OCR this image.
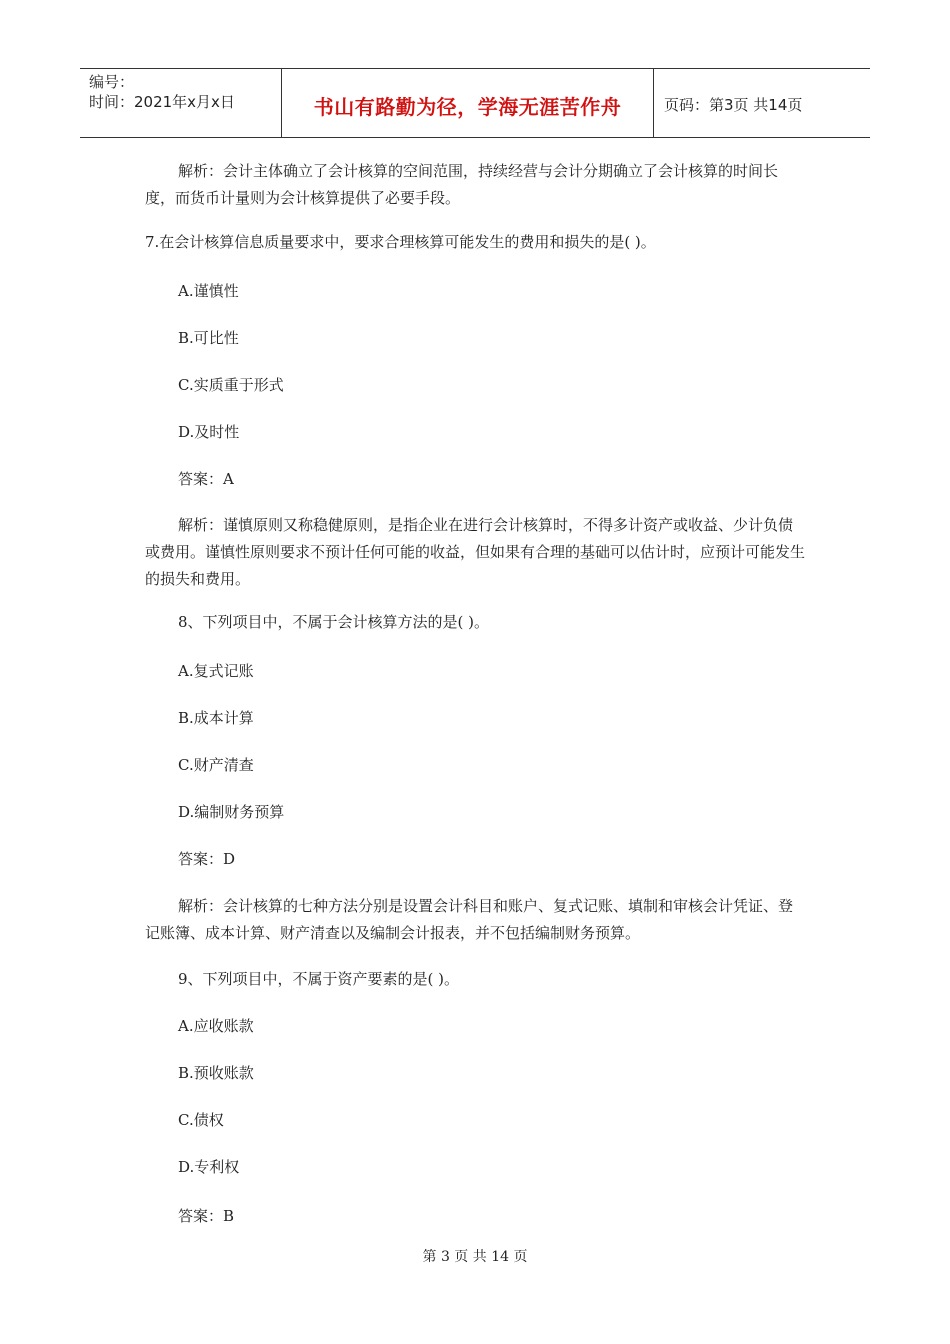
编号：
时间：2021年x月x日	书山有路勤为径，学海无涯苦作舟	页码：第3页 共14页

解析：会计主体确立了会计核算的空间范围，持续经营与会计分期确立了会计核算的时间长度，而货币计量则为会计核算提供了必要手段。

7.在会计核算信息质量要求中，要求合理核算可能发生的费用和损失的是( )。

A.谨慎性
B.可比性
C.实质重于形式
D.及时性
答案：A

解析：谨慎原则又称稳健原则，是指企业在进行会计核算时，不得多计资产或收益、少计负债或费用。谨慎性原则要求不预计任何可能的收益，但如果有合理的基础可以估计时，应预计可能发生的损失和费用。

8、下列项目中，不属于会计核算方法的是( )。

A.复式记账
B.成本计算
C.财产清查
D.编制财务预算
答案：D

解析：会计核算的七种方法分别是设置会计科目和账户、复式记账、填制和审核会计凭证、登记账簿、成本计算、财产清查以及编制会计报表，并不包括编制财务预算。

9、下列项目中，不属于资产要素的是( )。

A.应收账款
B.预收账款
C.债权
D.专利权
答案：B
第 3 页 共 14 页
